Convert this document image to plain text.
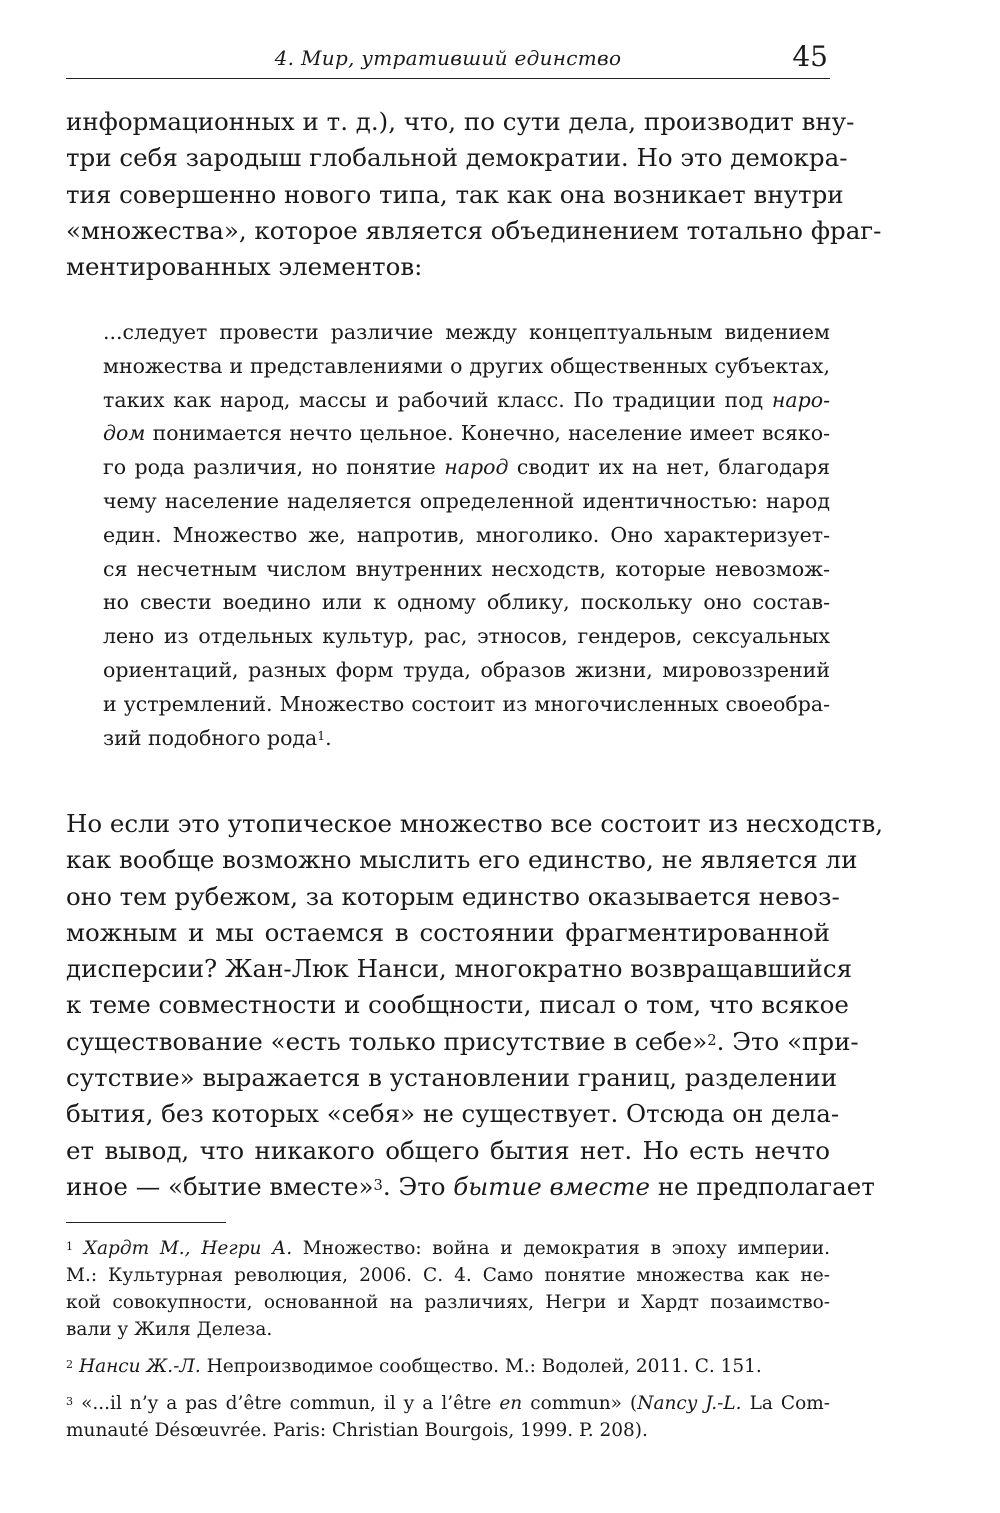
4. Мир, утративший единство	45
информационных и т. д.), что, по сути дела, производит вну-
три себя зародыш глобальной демократии. Но это демокра-
тия совершенно нового типа, так как она возникает внутри
«множества», которое является объединением тотально фраг-
ментированных элементов:
...следует провести различие между концептуальным видением
множества и представлениями о других общественных субъектах,
таких как народ, массы и рабочий класс. По традиции под наро-
дом понимается нечто цельное. Конечно, население имеет всяко-
го рода различия, но понятие народ сводит их на нет, благодаря
чему население наделяется определенной идентичностью: народ
един. Множество же, напротив, многолико. Оно характеризует-
ся несчетным числом внутренних несходств, которые невозмож-
но свести воедино или к одному облику, поскольку оно состав-
лено из отдельных культур, рас, этносов, гендеров, сексуальных
ориентаций, разных форм труда, образов жизни, мировоззрений
и устремлений. Множество состоит из многочисленных своеобра-
зий подобного рода$^1$.
Но если это утопическое множество все состоит из несходств,
как вообще возможно мыслить его единство, не является ли
оно тем рубежом, за которым единство оказывается невоз-
можным и мы остаемся в состоянии фрагментированной
дисперсии? Жан-Люк Нанси, многократно возвращавшийся
к теме совместности и сообщности, писал о том, что всякое
существование «есть только присутствие в себе»$^2$. Это «при-
сутствие» выражается в установлении границ, разделении
бытия, без которых «себя» не существует. Отсюда он дела-
ет вывод, что никакого общего бытия нет. Но есть нечто
иное — «бытие вместе»$^3$. Это бытие вместе не предполагает
$^1$ Хардт М., Негри А. Множество: война и демократия в эпоху империи.
М.: Культурная революция, 2006. С. 4. Само понятие множества как не-
кой совокупности, основанной на различиях, Негри и Хардт позаимство-
вали у Жиля Делеза.
$^2$ Нанси Ж.-Л. Непроизводимое сообщество. М.: Водолей, 2011. С. 151.
$^3$ «...il n’y a pas d’être commun, il y a l’être en commun» (Nancy J.-L. La Com-
munauté Désœuvrée. Paris: Christian Bourgois, 1999. P. 208).
